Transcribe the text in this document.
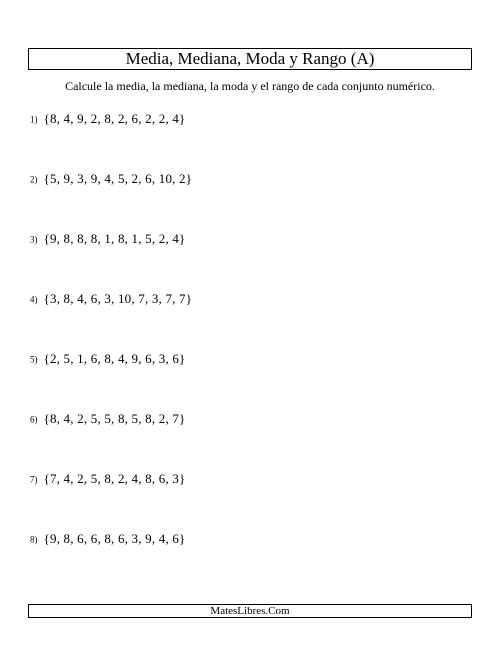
Media, Mediana, Moda y Rango (A)
Calcule la media, la mediana, la moda y el rango de cada conjunto numérico.
1) {8, 4, 9, 2, 8, 2, 6, 2, 2, 4}
2) {5, 9, 3, 9, 4, 5, 2, 6, 10, 2}
3) {9, 8, 8, 8, 1, 8, 1, 5, 2, 4}
4) {3, 8, 4, 6, 3, 10, 7, 3, 7, 7}
5) {2, 5, 1, 6, 8, 4, 9, 6, 3, 6}
6) {8, 4, 2, 5, 5, 8, 5, 8, 2, 7}
7) {7, 4, 2, 5, 8, 2, 4, 8, 6, 3}
8) {9, 8, 6, 6, 8, 6, 3, 9, 4, 6}
MatesLibres.Com
